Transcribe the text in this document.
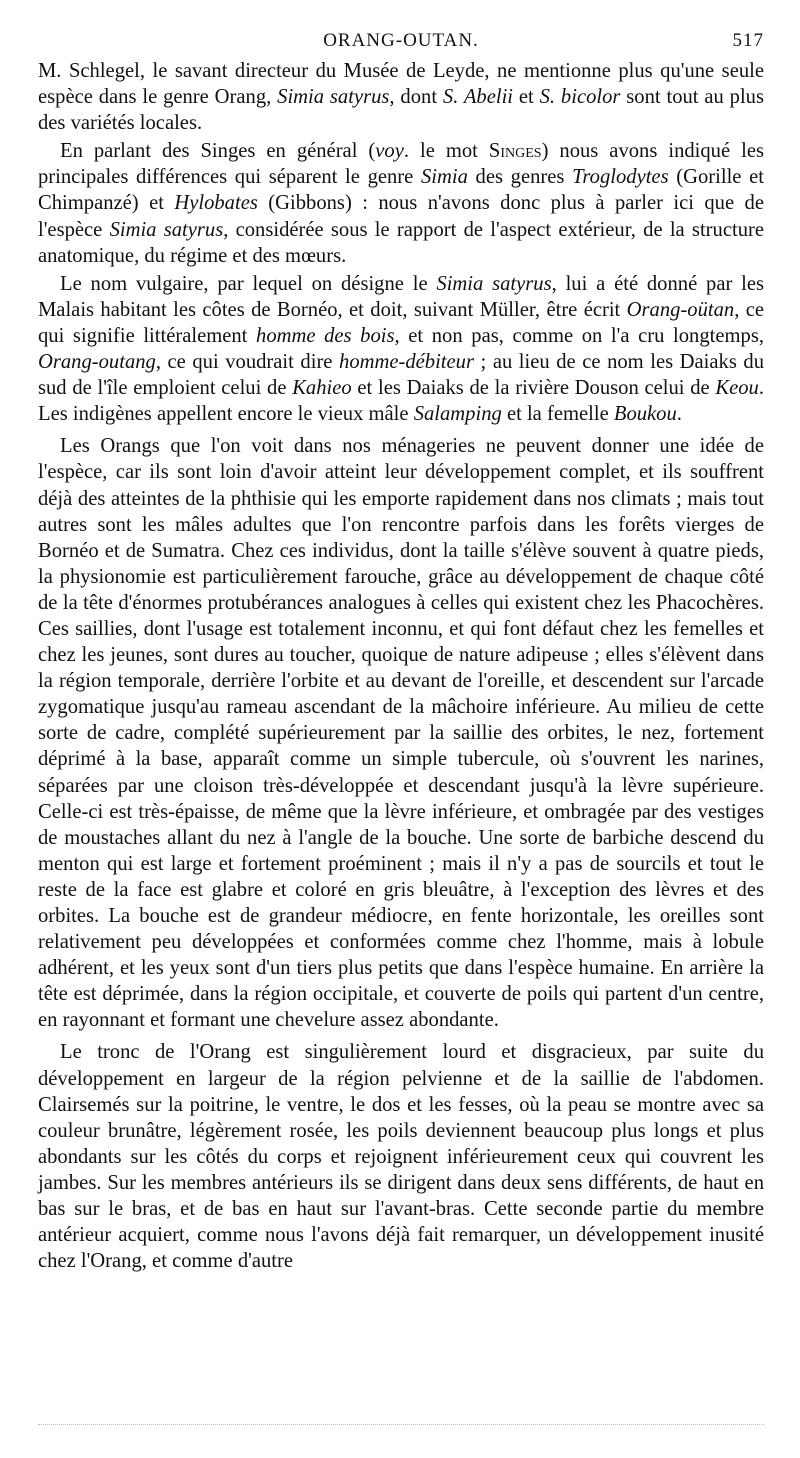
ORANG-OUTAN.	517

M. Schlegel, le savant directeur du Musée de Leyde, ne mentionne plus qu'une seule espèce dans le genre Orang, Simia satyrus, dont S. Abelii et S. bicolor sont tout au plus des variétés locales.

En parlant des Singes en général (voy. le mot Singes) nous avons indiqué les principales différences qui séparent le genre Simia des genres Troglodytes (Gorille et Chimpanzé) et Hylobates (Gibbons) : nous n'avons donc plus à parler ici que de l'espèce Simia satyrus, considérée sous le rapport de l'aspect extérieur, de la structure anatomique, du régime et des mœurs.

Le nom vulgaire, par lequel on désigne le Simia satyrus, lui a été donné par les Malais habitant les côtes de Bornéo, et doit, suivant Müller, être écrit Orang-oütan, ce qui signifie littéralement homme des bois, et non pas, comme on l'a cru longtemps, Orang-outang, ce qui voudrait dire homme-débiteur ; au lieu de ce nom les Daiaks du sud de l'île emploient celui de Kahieo et les Daiaks de la rivière Douson celui de Keou. Les indigènes appellent encore le vieux mâle Salamping et la femelle Boukou.

Les Orangs que l'on voit dans nos ménageries ne peuvent donner une idée de l'espèce, car ils sont loin d'avoir atteint leur développement complet, et ils souffrent déjà des atteintes de la phthisie qui les emporte rapidement dans nos climats ; mais tout autres sont les mâles adultes que l'on rencontre parfois dans les forêts vierges de Bornéo et de Sumatra. Chez ces individus, dont la taille s'élève souvent à quatre pieds, la physionomie est particulièrement farouche, grâce au développement de chaque côté de la tête d'énormes protubérances analogues à celles qui existent chez les Phacochères. Ces saillies, dont l'usage est totalement inconnu, et qui font défaut chez les femelles et chez les jeunes, sont dures au toucher, quoique de nature adipeuse ; elles s'élèvent dans la région temporale, derrière l'orbite et au devant de l'oreille, et descendent sur l'arcade zygomatique jusqu'au rameau ascendant de la mâchoire inférieure. Au milieu de cette sorte de cadre, complété supérieurement par la saillie des orbites, le nez, fortement déprimé à la base, apparaît comme un simple tubercule, où s'ouvrent les narines, séparées par une cloison très-développée et descendant jusqu'à la lèvre supérieure. Celle-ci est très-épaisse, de même que la lèvre inférieure, et ombragée par des vestiges de moustaches allant du nez à l'angle de la bouche. Une sorte de barbiche descend du menton qui est large et fortement proéminent ; mais il n'y a pas de sourcils et tout le reste de la face est glabre et coloré en gris bleuâtre, à l'exception des lèvres et des orbites. La bouche est de grandeur médiocre, en fente horizontale, les oreilles sont relativement peu développées et conformées comme chez l'homme, mais à lobule adhérent, et les yeux sont d'un tiers plus petits que dans l'espèce humaine. En arrière la tête est déprimée, dans la région occipitale, et couverte de poils qui partent d'un centre, en rayonnant et formant une chevelure assez abondante.

Le tronc de l'Orang est singulièrement lourd et disgracieux, par suite du développement en largeur de la région pelvienne et de la saillie de l'abdomen. Clairsemés sur la poitrine, le ventre, le dos et les fesses, où la peau se montre avec sa couleur brunâtre, légèrement rosée, les poils deviennent beaucoup plus longs et plus abondants sur les côtés du corps et rejoignent inférieurement ceux qui couvrent les jambes. Sur les membres antérieurs ils se dirigent dans deux sens différents, de haut en bas sur le bras, et de bas en haut sur l'avant-bras. Cette seconde partie du membre antérieur acquiert, comme nous l'avons déjà fait remarquer, un développement inusité chez l'Orang, et comme d'autre
